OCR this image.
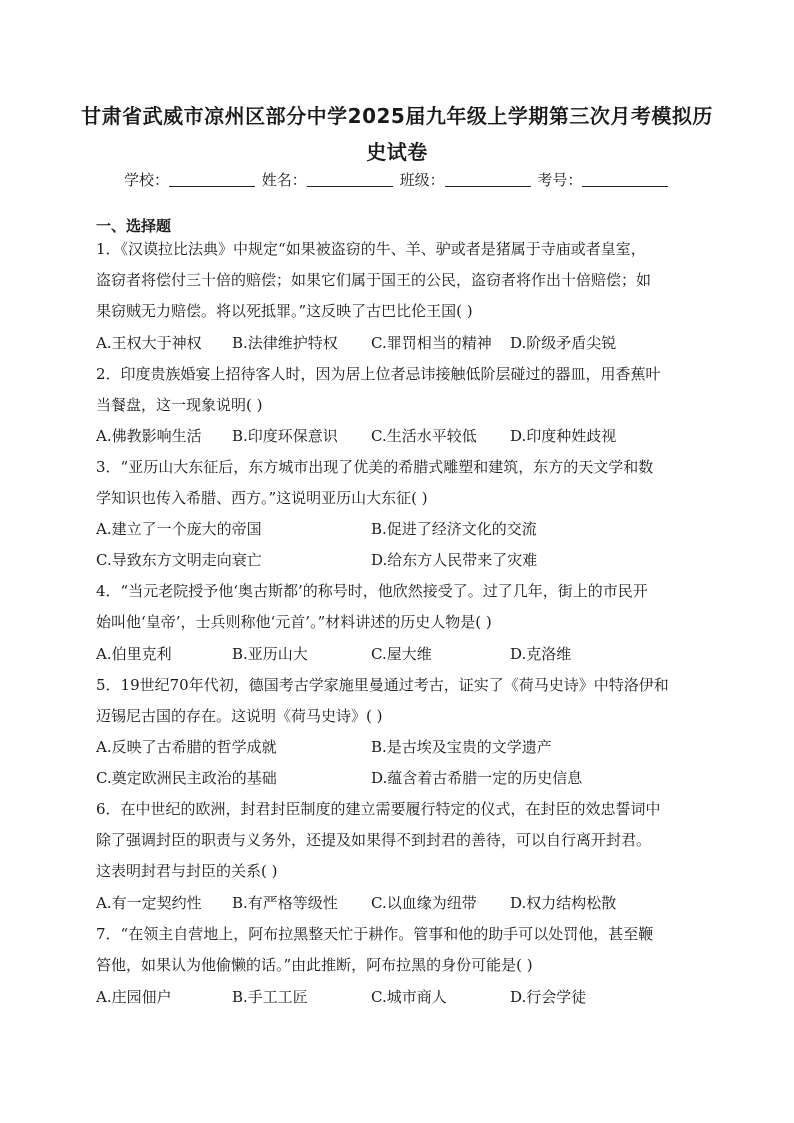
甘肃省武威市凉州区部分中学2025届九年级上学期第三次月考模拟历
史试卷
学校：	姓名：	班级：	考号：
一、选择题
1．《汉谟拉比法典》中规定“如果被盗窃的牛、羊、驴或者是猪属于寺庙或者皇室，
盗窃者将偿付三十倍的赔偿；如果它们属于国王的公民，盗窃者将作出十倍赔偿；如
果窃贼无力赔偿。将以死抵罪。”这反映了古巴比伦王国( )
A.王权大于神权 B.法律维护特权 C.罪罚相当的精神 D.阶级矛盾尖锐
2．印度贵族婚宴上招待客人时，因为居上位者忌讳接触低阶层碰过的器皿，用香蕉叶
当餐盘，这一现象说明( )
A.佛教影响生活 B.印度环保意识 C.生活水平较低 D.印度种姓歧视
3．“亚历山大东征后，东方城市出现了优美的希腊式雕塑和建筑，东方的天文学和数
学知识也传入希腊、西方。”这说明亚历山大东征( )
A.建立了一个庞大的帝国	B.促进了经济文化的交流
C.导致东方文明走向衰亡	D.给东方人民带来了灾难
4．“当元老院授予他‘奥古斯都’的称号时，他欣然接受了。过了几年，街上的市民开
始叫他‘皇帝’，士兵则称他‘元首’。”材料讲述的历史人物是( )
A.伯里克利	B.亚历山大	C.屋大维	D.克洛维
5．19世纪70年代初，德国考古学家施里曼通过考古，证实了《荷马史诗》中特洛伊和
迈锡尼古国的存在。这说明《荷马史诗》( )
A.反映了古希腊的哲学成就	B.是古埃及宝贵的文学遗产
C.奠定欧洲民主政治的基础	D.蕴含着古希腊一定的历史信息
6．在中世纪的欧洲，封君封臣制度的建立需要履行特定的仪式，在封臣的效忠誓词中
除了强调封臣的职责与义务外，还提及如果得不到封君的善待，可以自行离开封君。
这表明封君与封臣的关系( )
A.有一定契约性 B.有严格等级性 C.以血缘为纽带 D.权力结构松散
7．“在领主自营地上，阿布拉黑整天忙于耕作。管事和他的助手可以处罚他，甚至鞭
笞他，如果认为他偷懒的话。”由此推断，阿布拉黑的身份可能是( )
A.庄园佃户	B.手工工匠	C.城市商人	D.行会学徒
